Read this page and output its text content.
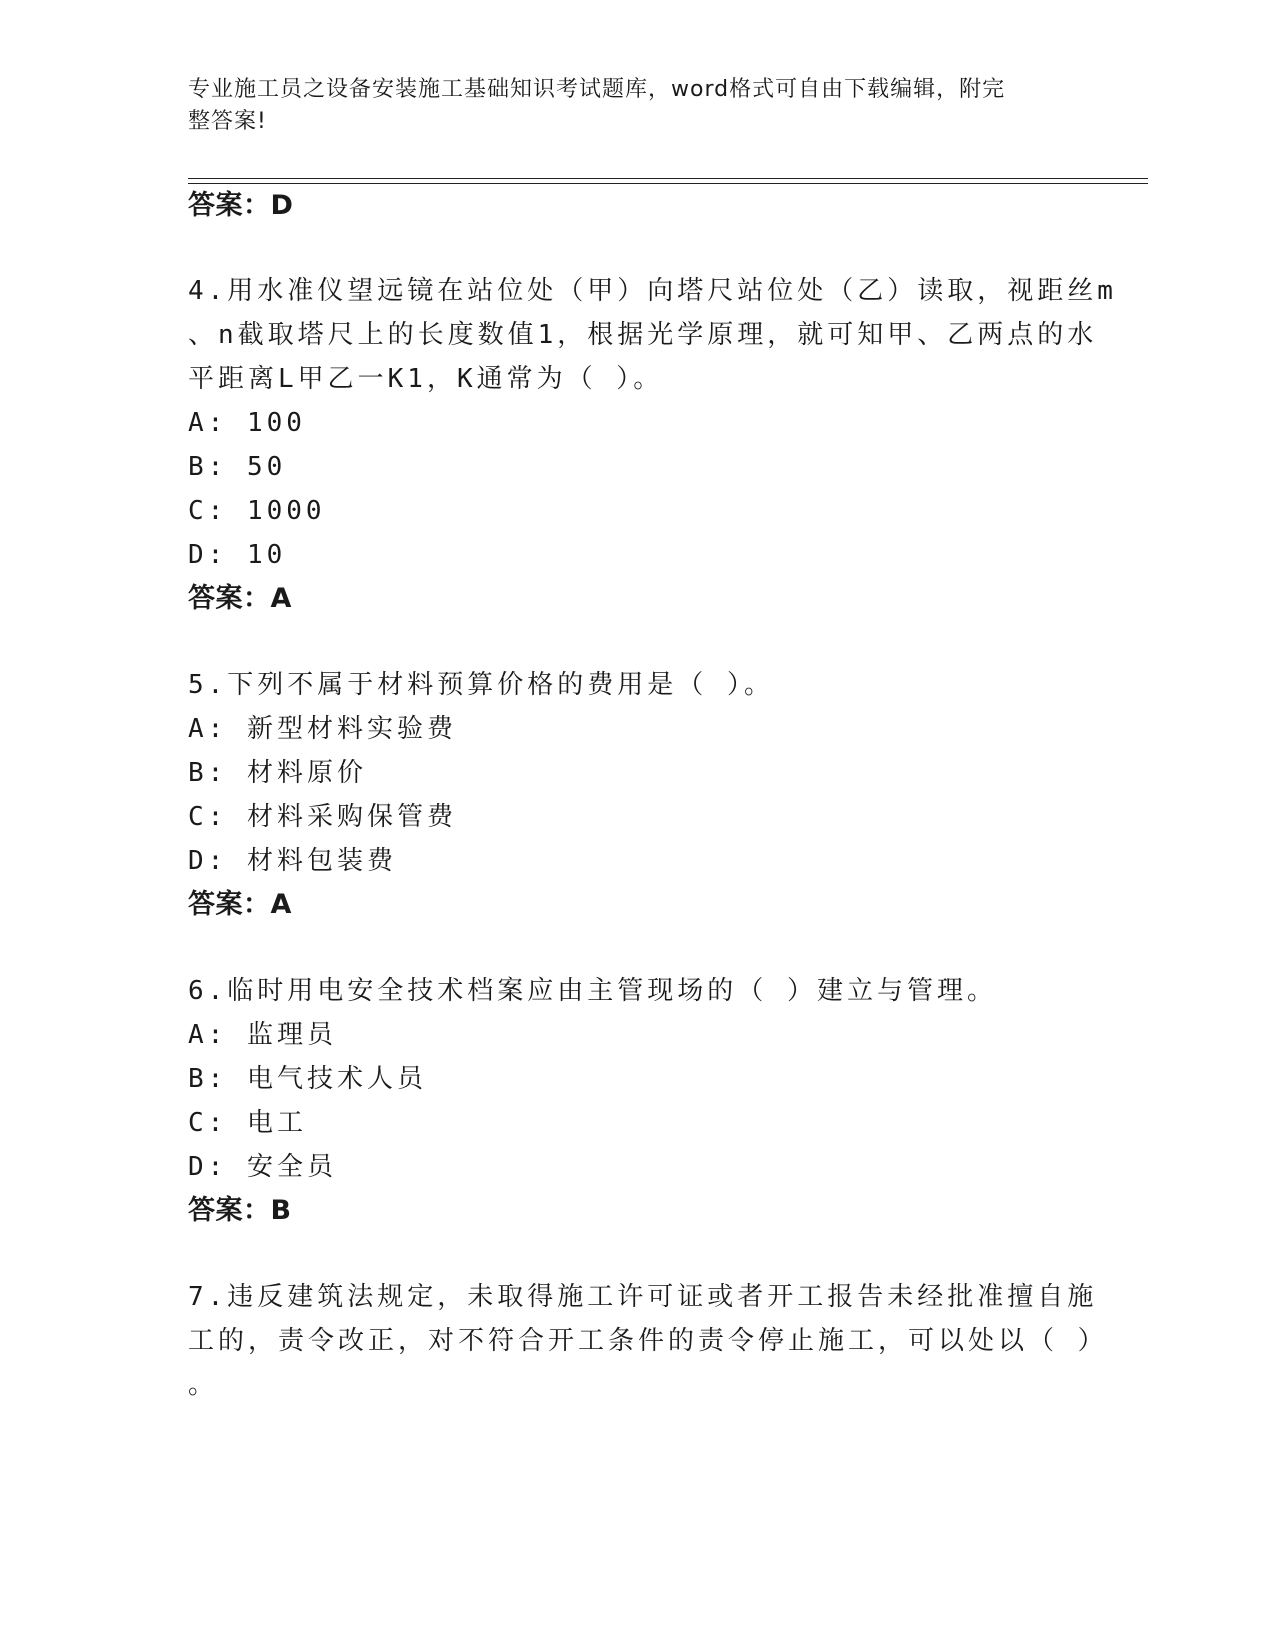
专业施工员之设备安装施工基础知识考试题库，word格式可自由下载编辑，附完
整答案!
答案：D
4.用水准仪望远镜在站位处（甲）向塔尺站位处（乙）读取，视距丝m
、n截取塔尺上的长度数值1，根据光学原理，就可知甲、乙两点的水
平距离L甲乙一K1，K通常为（ ）。
A: 100
B: 50
C: 1000
D: 10
答案：A
5.下列不属于材料预算价格的费用是（ ）。
A: 新型材料实验费
B: 材料原价
C: 材料采购保管费
D: 材料包装费
答案：A
6.临时用电安全技术档案应由主管现场的（ ）建立与管理。
A: 监理员
B: 电气技术人员
C: 电工
D: 安全员
答案：B
7.违反建筑法规定，未取得施工许可证或者开工报告未经批准擅自施
工的，责令改正，对不符合开工条件的责令停止施工，可以处以（ ）
。
